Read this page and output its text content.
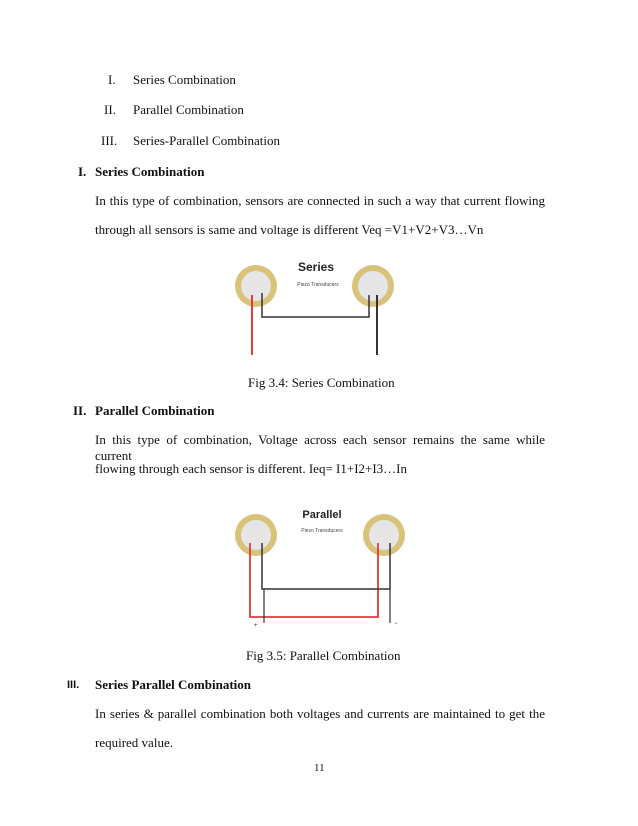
I. Series Combination
II. Parallel Combination
III. Series-Parallel Combination
I. Series Combination
In this type of combination, sensors are connected in such a way that current flowing
through all sensors is same and voltage is different Veq =V1+V2+V3…Vn
Series
Piezo Transducers
Fig 3.4: Series Combination
II. Parallel Combination
In this type of combination, Voltage across each sensor remains the same while current
flowing through each sensor is different. Ieq= I1+I2+I3…In
+	−
Parallel
Piezo Transducers
Fig 3.5: Parallel Combination
III. Series Parallel Combination
In series & parallel combination both voltages and currents are maintained to get the
required value.
11
